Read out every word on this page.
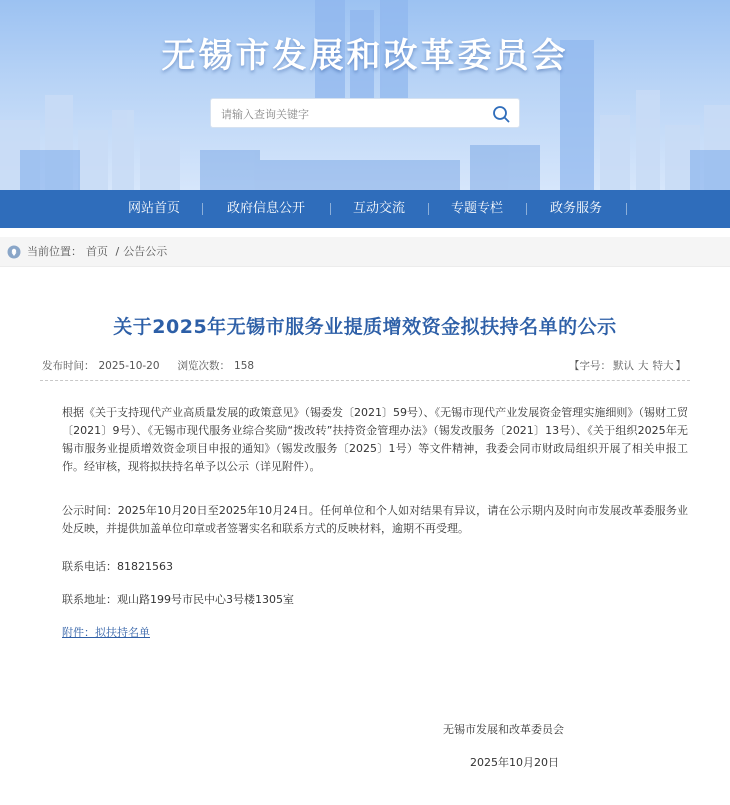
无锡市发展和改革委员会
请输入查询关键字
网站首页	政府信息公开	互动交流	专题专栏	政务服务
当前位置： 首页 / 公告公示
关于2025年无锡市服务业提质增效资金拟扶持名单的公示
发布时间： 2025-10-20 浏览次数： 158	【字号： 默认 大 特大 】
根据《关于支持现代产业高质量发展的政策意见》（锡委发〔2021〕59号）、《无锡市现代产业发展资金管理实施细则》（锡财工贸〔2021〕9号）、《无锡市现代服务业综合奖励“拨改转”扶持资金管理办法》（锡发改服务〔2021〕13号）、《关于组织2025年无锡市服务业提质增效资金项目申报的通知》（锡发改服务〔2025〕1号）等文件精神，我委会同市财政局组织开展了相关申报工作。经审核，现将拟扶持名单予以公示（详见附件）。
公示时间：2025年10月20日至2025年10月24日。任何单位和个人如对结果有异议，请在公示期内及时向市发展改革委服务业处反映，并提供加盖单位印章或者签署实名和联系方式的反映材料，逾期不再受理。
联系电话：81821563
联系地址：观山路199号市民中心3号楼1305室
附件：拟扶持名单
无锡市发展和改革委员会
2025年10月20日
